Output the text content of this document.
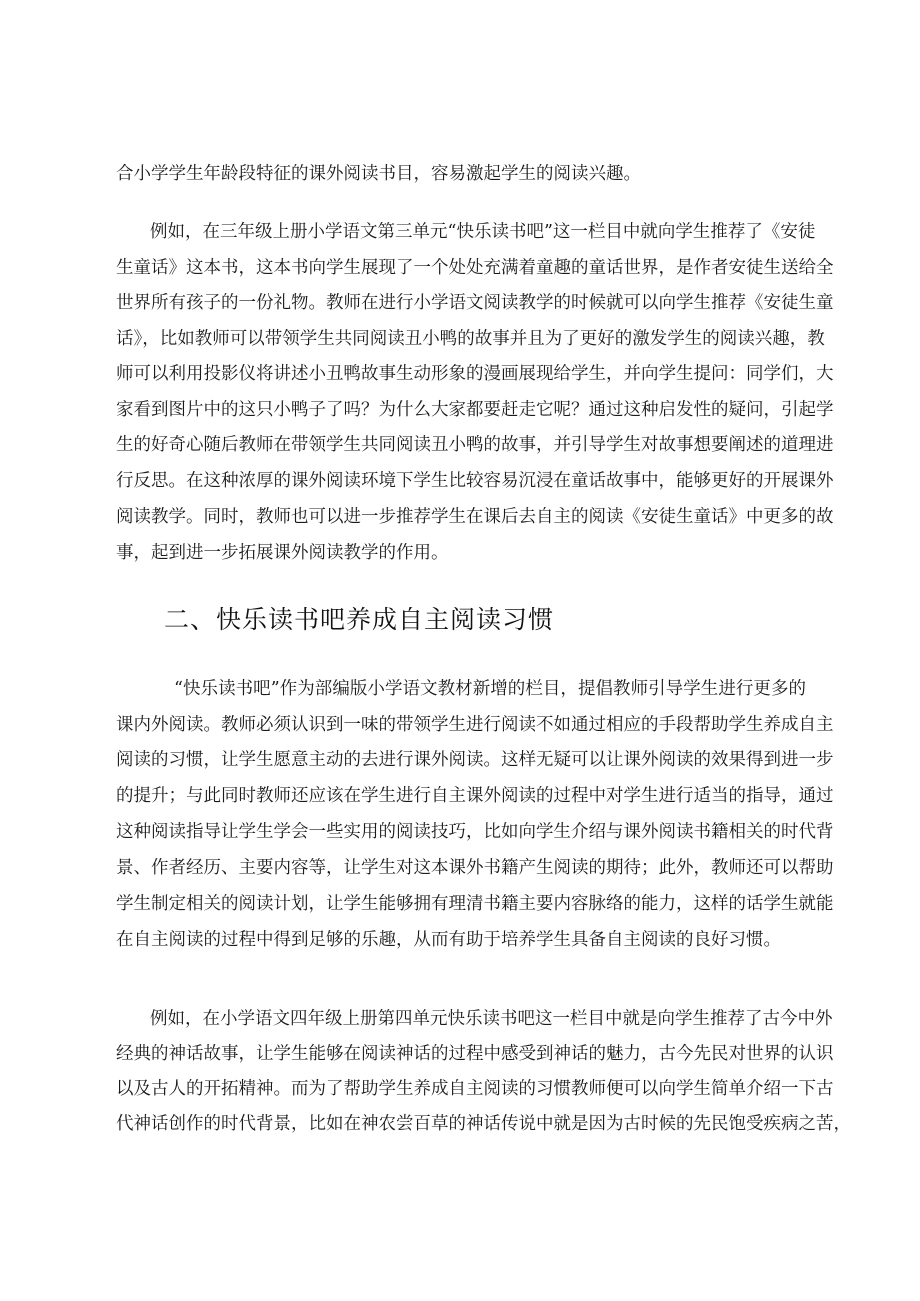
合小学学生年龄段特征的课外阅读书目，容易激起学生的阅读兴趣。
例如，在三年级上册小学语文第三单元“快乐读书吧”这一栏目中就向学生推荐了《安徒
生童话》这本书，这本书向学生展现了一个处处充满着童趣的童话世界，是作者安徒生送给全
世界所有孩子的一份礼物。教师在进行小学语文阅读教学的时候就可以向学生推荐《安徒生童
话》，比如教师可以带领学生共同阅读丑小鸭的故事并且为了更好的激发学生的阅读兴趣，教
师可以利用投影仪将讲述小丑鸭故事生动形象的漫画展现给学生，并向学生提问：同学们，大
家看到图片中的这只小鸭子了吗？为什么大家都要赶走它呢？通过这种启发性的疑问，引起学
生的好奇心随后教师在带领学生共同阅读丑小鸭的故事，并引导学生对故事想要阐述的道理进
行反思。在这种浓厚的课外阅读环境下学生比较容易沉浸在童话故事中，能够更好的开展课外
阅读教学。同时，教师也可以进一步推荐学生在课后去自主的阅读《安徒生童话》中更多的故
事，起到进一步拓展课外阅读教学的作用。
二、快乐读书吧养成自主阅读习惯
“快乐读书吧”作为部编版小学语文教材新增的栏目，提倡教师引导学生进行更多的
课内外阅读。教师必须认识到一味的带领学生进行阅读不如通过相应的手段帮助学生养成自主
阅读的习惯，让学生愿意主动的去进行课外阅读。这样无疑可以让课外阅读的效果得到进一步
的提升；与此同时教师还应该在学生进行自主课外阅读的过程中对学生进行适当的指导，通过
这种阅读指导让学生学会一些实用的阅读技巧，比如向学生介绍与课外阅读书籍相关的时代背
景、作者经历、主要内容等，让学生对这本课外书籍产生阅读的期待；此外，教师还可以帮助
学生制定相关的阅读计划，让学生能够拥有理清书籍主要内容脉络的能力，这样的话学生就能
在自主阅读的过程中得到足够的乐趣，从而有助于培养学生具备自主阅读的良好习惯。
例如，在小学语文四年级上册第四单元快乐读书吧这一栏目中就是向学生推荐了古今中外
经典的神话故事，让学生能够在阅读神话的过程中感受到神话的魅力，古今先民对世界的认识
以及古人的开拓精神。而为了帮助学生养成自主阅读的习惯教师便可以向学生简单介绍一下古
代神话创作的时代背景，比如在神农尝百草的神话传说中就是因为古时候的先民饱受疾病之苦，
